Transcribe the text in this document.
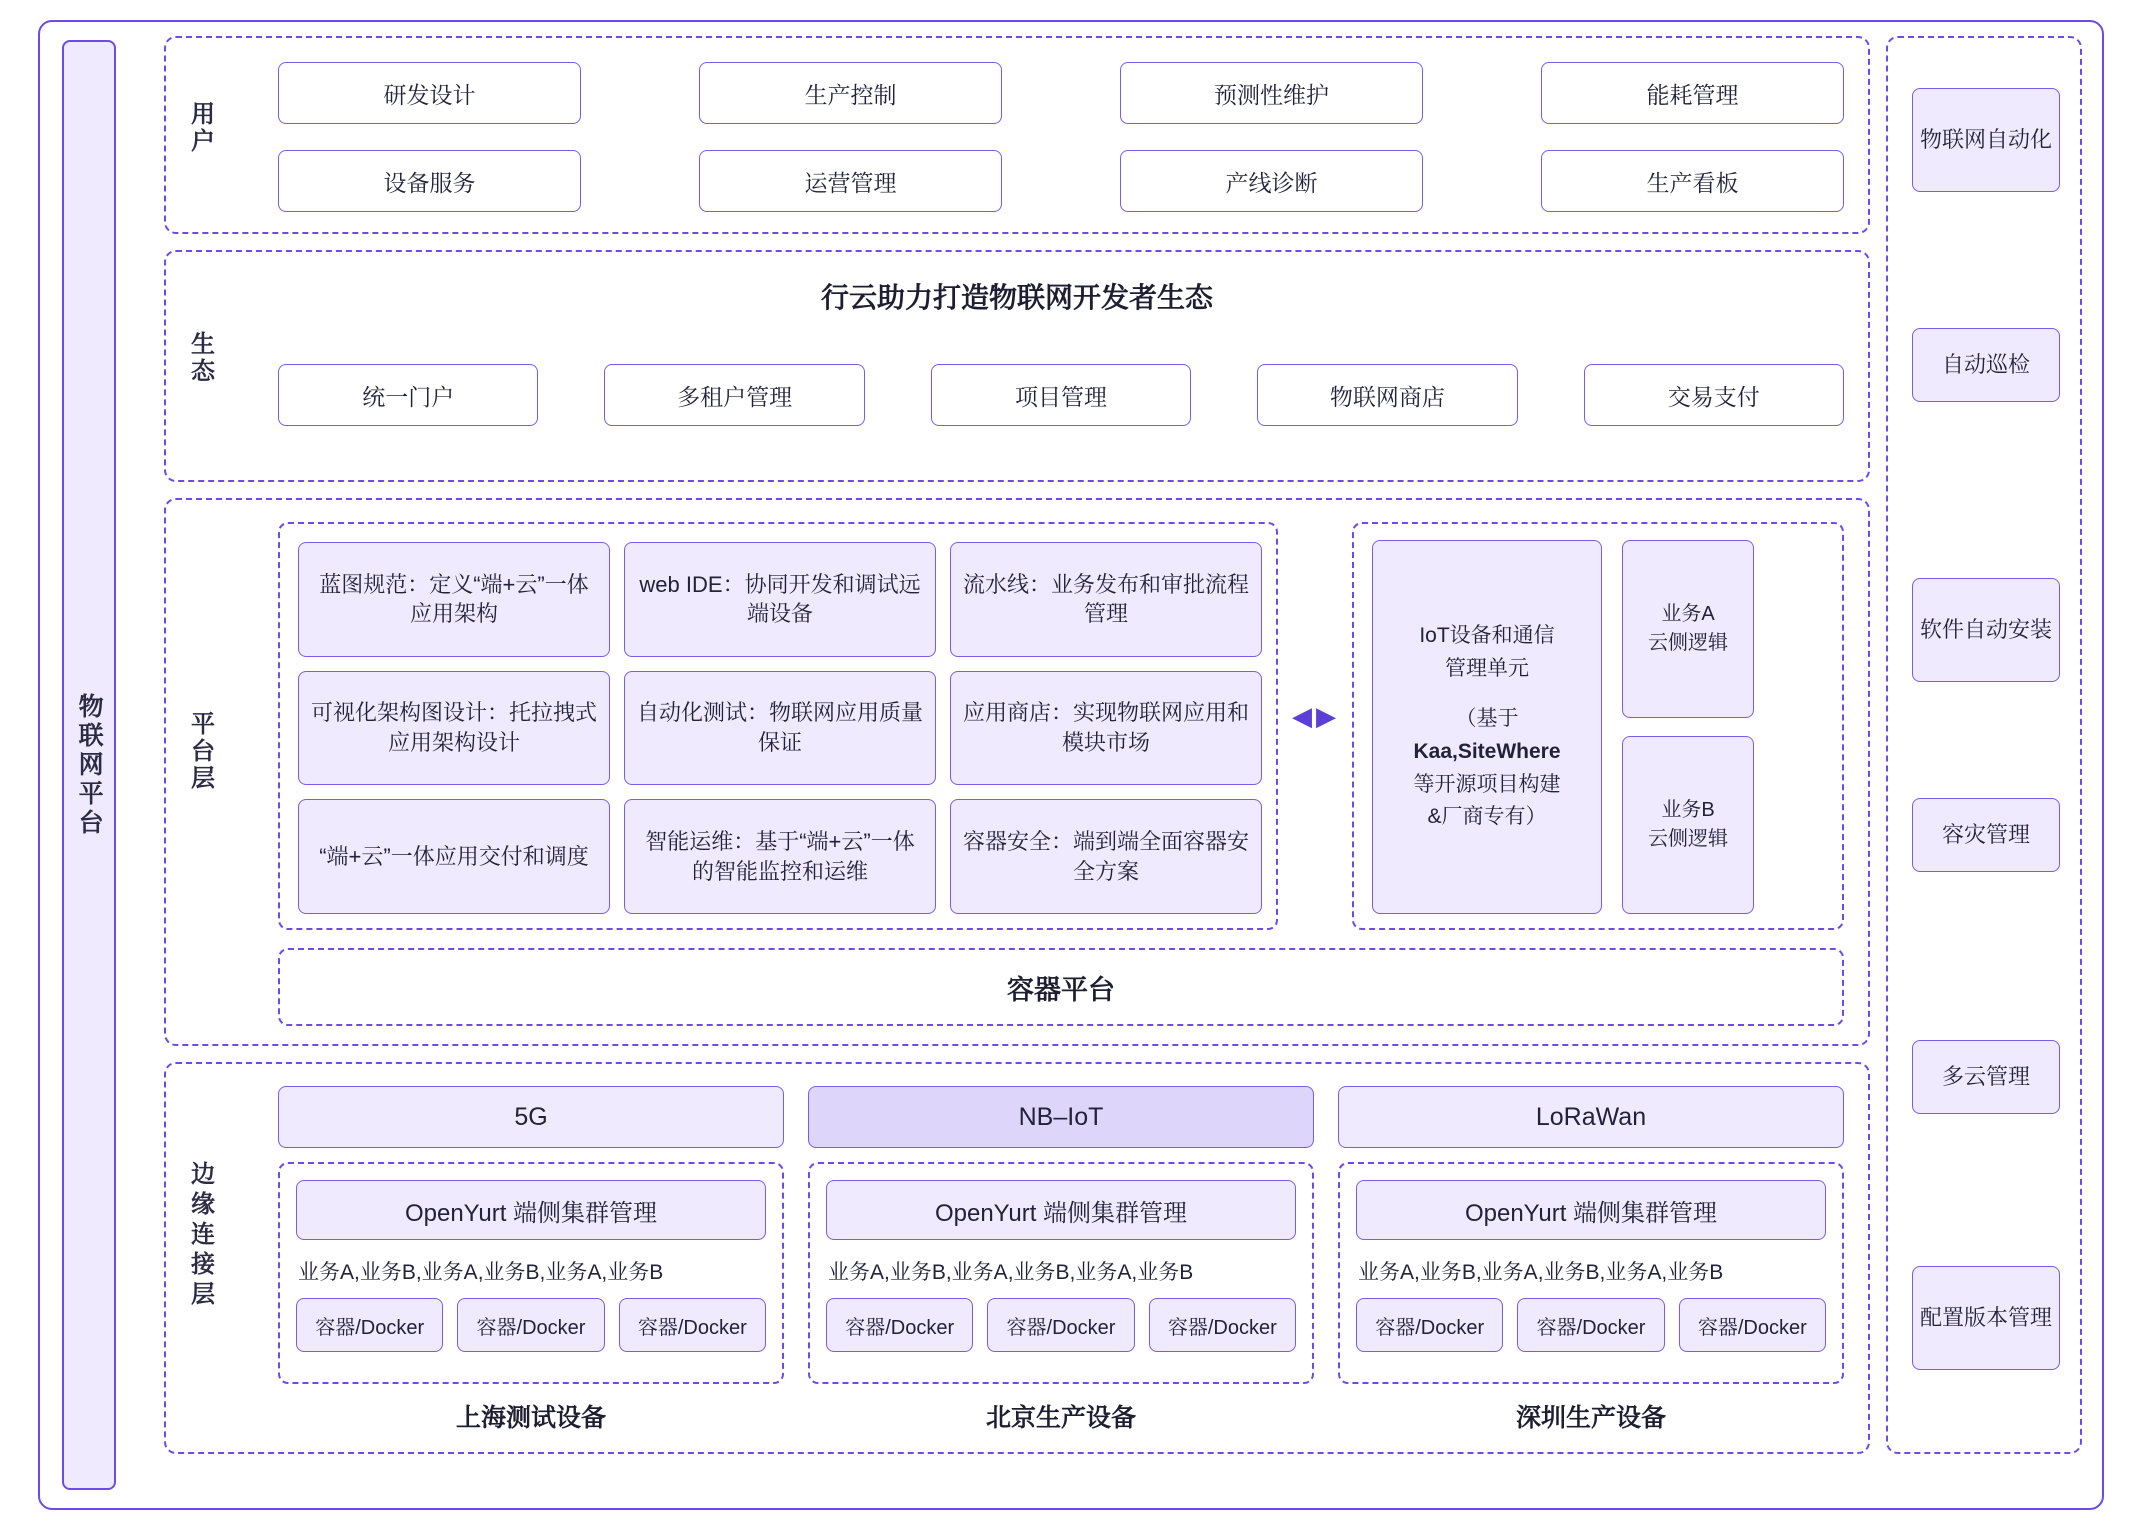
物联网平台
用户
研发设计	生产控制	预测性维护	能耗管理
设备服务	运营管理	产线诊断	生产看板
生态
行云助力打造物联网开发者生态
统一门户	多租户管理	项目管理	物联网商店	交易支付
平台层
蓝图规范：定义“端+云”一体应用架构
web IDE：协同开发和调试远端设备
流水线：业务发布和审批流程管理
可视化架构图设计：托拉拽式应用架构设计
自动化测试：物联网应用质量保证
应用商店：实现物联网应用和模块市场
“端+云”一体应用交付和调度
智能运维：基于“端+云”一体的智能监控和运维
容器安全：端到端全面容器安全方案
◀ ▶
IoT设备和通信
管理单元
（基于
Kaa,SiteWhere
等开源项目构建
&厂商专有）
业务A
云侧逻辑
业务B
云侧逻辑
容器平台
边缘连接层
5G
OpenYurt 端侧集群管理
业务A,业务B,业务A,业务B,业务A,业务B
容器/Docker	容器/Docker	容器/Docker
上海测试设备
NB–IoT
OpenYurt 端侧集群管理
业务A,业务B,业务A,业务B,业务A,业务B
容器/Docker	容器/Docker	容器/Docker
北京生产设备
LoRaWan
OpenYurt 端侧集群管理
业务A,业务B,业务A,业务B,业务A,业务B
容器/Docker	容器/Docker	容器/Docker
深圳生产设备
物联网自动化
自动巡检
软件自动安装
容灾管理
多云管理
配置版本管理
